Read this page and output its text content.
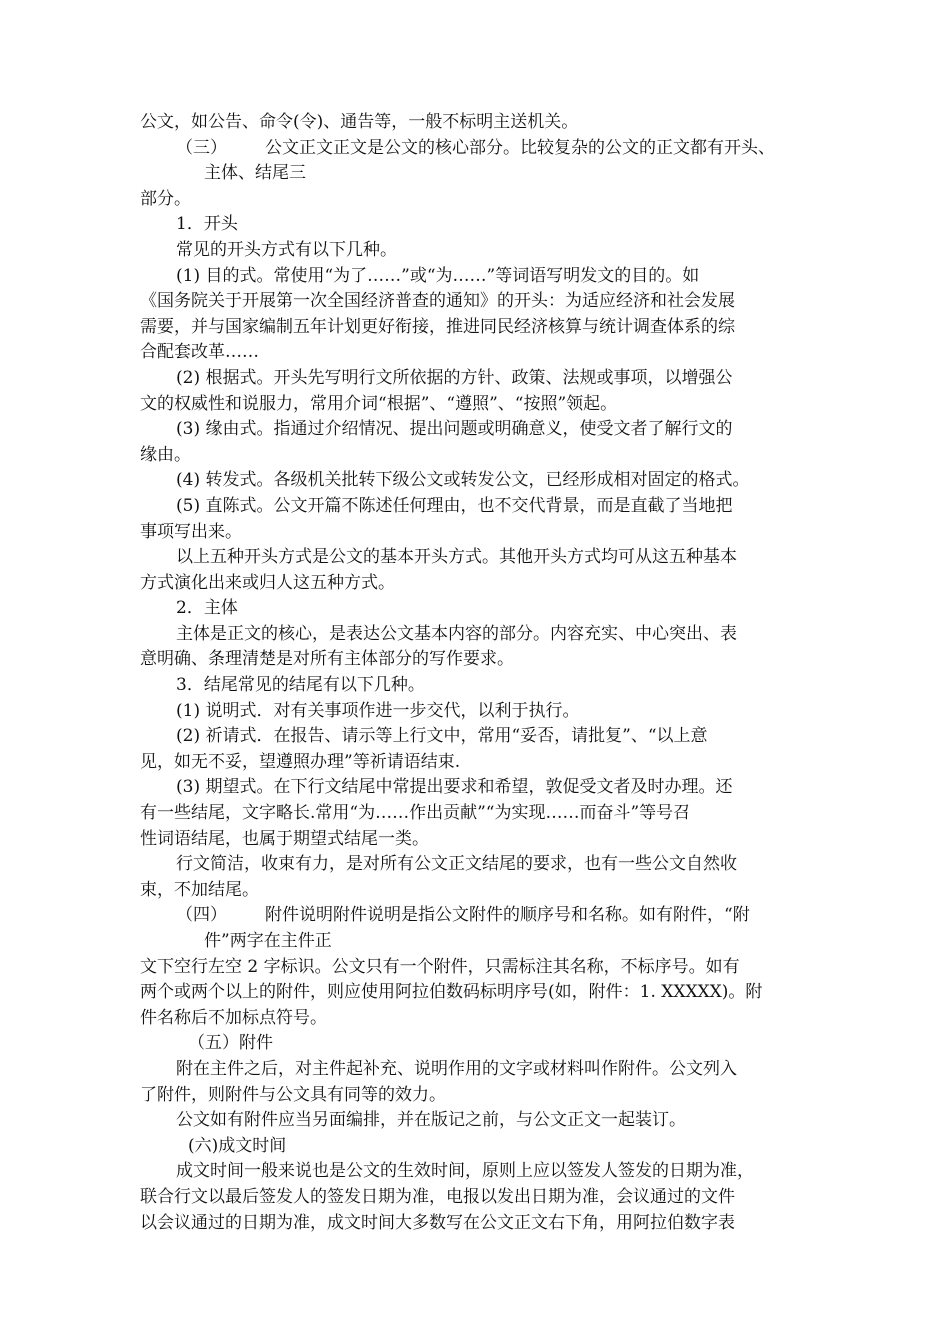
公文，如公告、命令(令)、通告等，一般不标明主送机关。
（三） 公文正文正文是公文的核心部分。比较复杂的公文的正文都有开头、
主体、结尾三
部分。
1．开头
常见的开头方式有以下几种。
(1) 目的式。常使用“为了……”或“为……”等词语写明发文的目的。如
《国务院关于开展第一次全国经济普查的通知》的开头：为适应经济和社会发展
需要，并与国家编制五年计划更好衔接，推进同民经济核算与统计调查体系的综
合配套改革……
(2) 根据式。开头先写明行文所依据的方针、政策、法规或事项，以增强公
文的权威性和说服力，常用介词“根据”、“遵照”、“按照”领起。
(3) 缘由式。指通过介绍情况、提出问题或明确意义，使受文者了解行文的
缘由。
(4) 转发式。各级机关批转下级公文或转发公文，已经形成相对固定的格式。
(5) 直陈式。公文开篇不陈述任何理由，也不交代背景，而是直截了当地把
事项写出来。
以上五种开头方式是公文的基本开头方式。其他开头方式均可从这五种基本
方式演化出来或归人这五种方式。
2．主体
主体是正文的核心，是表达公文基本内容的部分。内容充实、中心突出、表
意明确、条理清楚是对所有主体部分的写作要求。
3．结尾常见的结尾有以下几种。
(1) 说明式．对有关事项作进一步交代，以利于执行。
(2) 祈请式．在报告、请示等上行文中，常用“妥否，请批复”、“以上意
见，如无不妥，望遵照办理”等祈请语结束.
(3) 期望式。在下行文结尾中常提出要求和希望，敦促受文者及时办理。还
有一些结尾，文字略长.常用“为……作出贡献”“为实现……而奋斗”等号召
性词语结尾，也属于期望式结尾一类。
行文简洁，收束有力，是对所有公文正文结尾的要求，也有一些公文自然收
束，不加结尾。
（四） 附件说明附件说明是指公文附件的顺序号和名称。如有附件，“附
件”两字在主件正
文下空行左空 2 字标识。公文只有一个附件，只需标注其名称，不标序号。如有
两个或两个以上的附件，则应使用阿拉伯数码标明序号(如，附件：1. XXXXX)。附
件名称后不加标点符号。
（五）附件
附在主件之后，对主件起补充、说明作用的文字或材料叫作附件。公文列入
了附件，则附件与公文具有同等的效力。
公文如有附件应当另面编排，并在版记之前，与公文正文一起装订。
(六)成文时间
成文时间一般来说也是公文的生效时间，原则上应以签发人签发的日期为准，
联合行文以最后签发人的签发日期为准，电报以发出日期为准，会议通过的文件
以会议通过的日期为准，成文时间大多数写在公文正文右下角，用阿拉伯数字表
